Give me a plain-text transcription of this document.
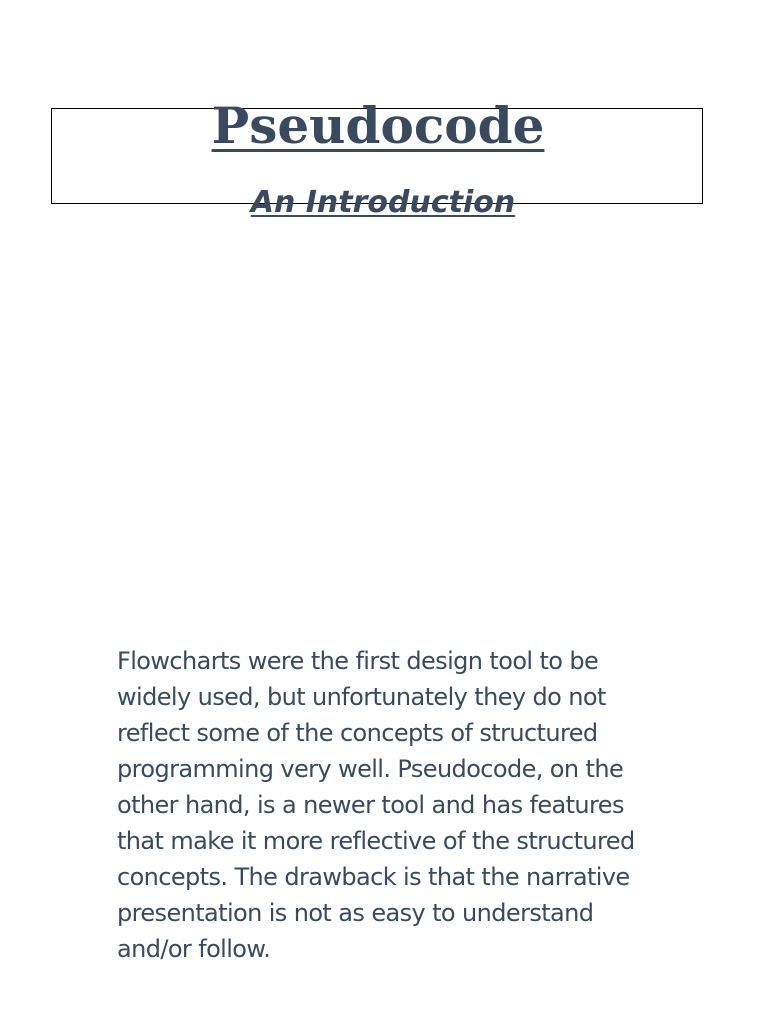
Pseudocode
An Introduction
Flowcharts were the first design tool to be
widely used, but unfortunately they do not
reflect some of the concepts of structured
programming very well. Pseudocode, on the
other hand, is a newer tool and has features
that make it more reflective of the structured
concepts. The drawback is that the narrative
presentation is not as easy to understand
and/or follow.
